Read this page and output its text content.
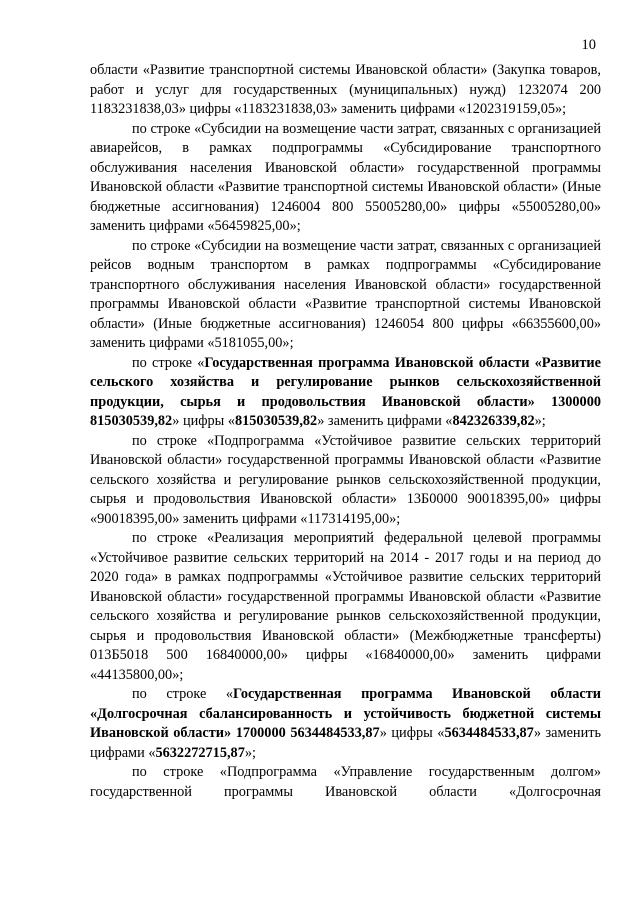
10

области «Развитие транспортной системы Ивановской области» (Закупка товаров, работ и услуг для государственных (муниципальных) нужд) 1232074 200 1183231838,03» цифры «1183231838,03» заменить цифрами «1202319159,05»;

по строке «Субсидии на возмещение части затрат, связанных с организацией авиарейсов, в рамках подпрограммы «Субсидирование транспортного обслуживания населения Ивановской области» государственной программы Ивановской области «Развитие транспортной системы Ивановской области» (Иные бюджетные ассигнования) 1246004 800 55005280,00» цифры «55005280,00» заменить цифрами «56459825,00»;

по строке «Субсидии на возмещение части затрат, связанных с организацией рейсов водным транспортом в рамках подпрограммы «Субсидирование транспортного обслуживания населения Ивановской области» государственной программы Ивановской области «Развитие транспортной системы Ивановской области» (Иные бюджетные ассигнования) 1246054 800 цифры «66355600,00» заменить цифрами «5181055,00»;

по строке «Государственная программа Ивановской области «Развитие сельского хозяйства и регулирование рынков сельскохозяйственной продукции, сырья и продовольствия Ивановской области» 1300000 815030539,82» цифры «815030539,82» заменить цифрами «842326339,82»;

по строке «Подпрограмма «Устойчивое развитие сельских территорий Ивановской области» государственной программы Ивановской области «Развитие сельского хозяйства и регулирование рынков сельскохозяйственной продукции, сырья и продовольствия Ивановской области» 13Б0000 90018395,00» цифры «90018395,00» заменить цифрами «117314195,00»;

по строке «Реализация мероприятий федеральной целевой программы «Устойчивое развитие сельских территорий на 2014 - 2017 годы и на период до 2020 года» в рамках подпрограммы «Устойчивое развитие сельских территорий Ивановской области» государственной программы Ивановской области «Развитие сельского хозяйства и регулирование рынков сельскохозяйственной продукции, сырья и продовольствия Ивановской области» (Межбюджетные трансферты) 013Б5018 500 16840000,00» цифры «16840000,00» заменить цифрами «44135800,00»;

по строке «Государственная программа Ивановской области «Долгосрочная сбалансированность и устойчивость бюджетной системы Ивановской области» 1700000 5634484533,87» цифры «5634484533,87» заменить цифрами «5632272715,87»;

по строке «Подпрограмма «Управление государственным долгом» государственной программы Ивановской области «Долгосрочная
